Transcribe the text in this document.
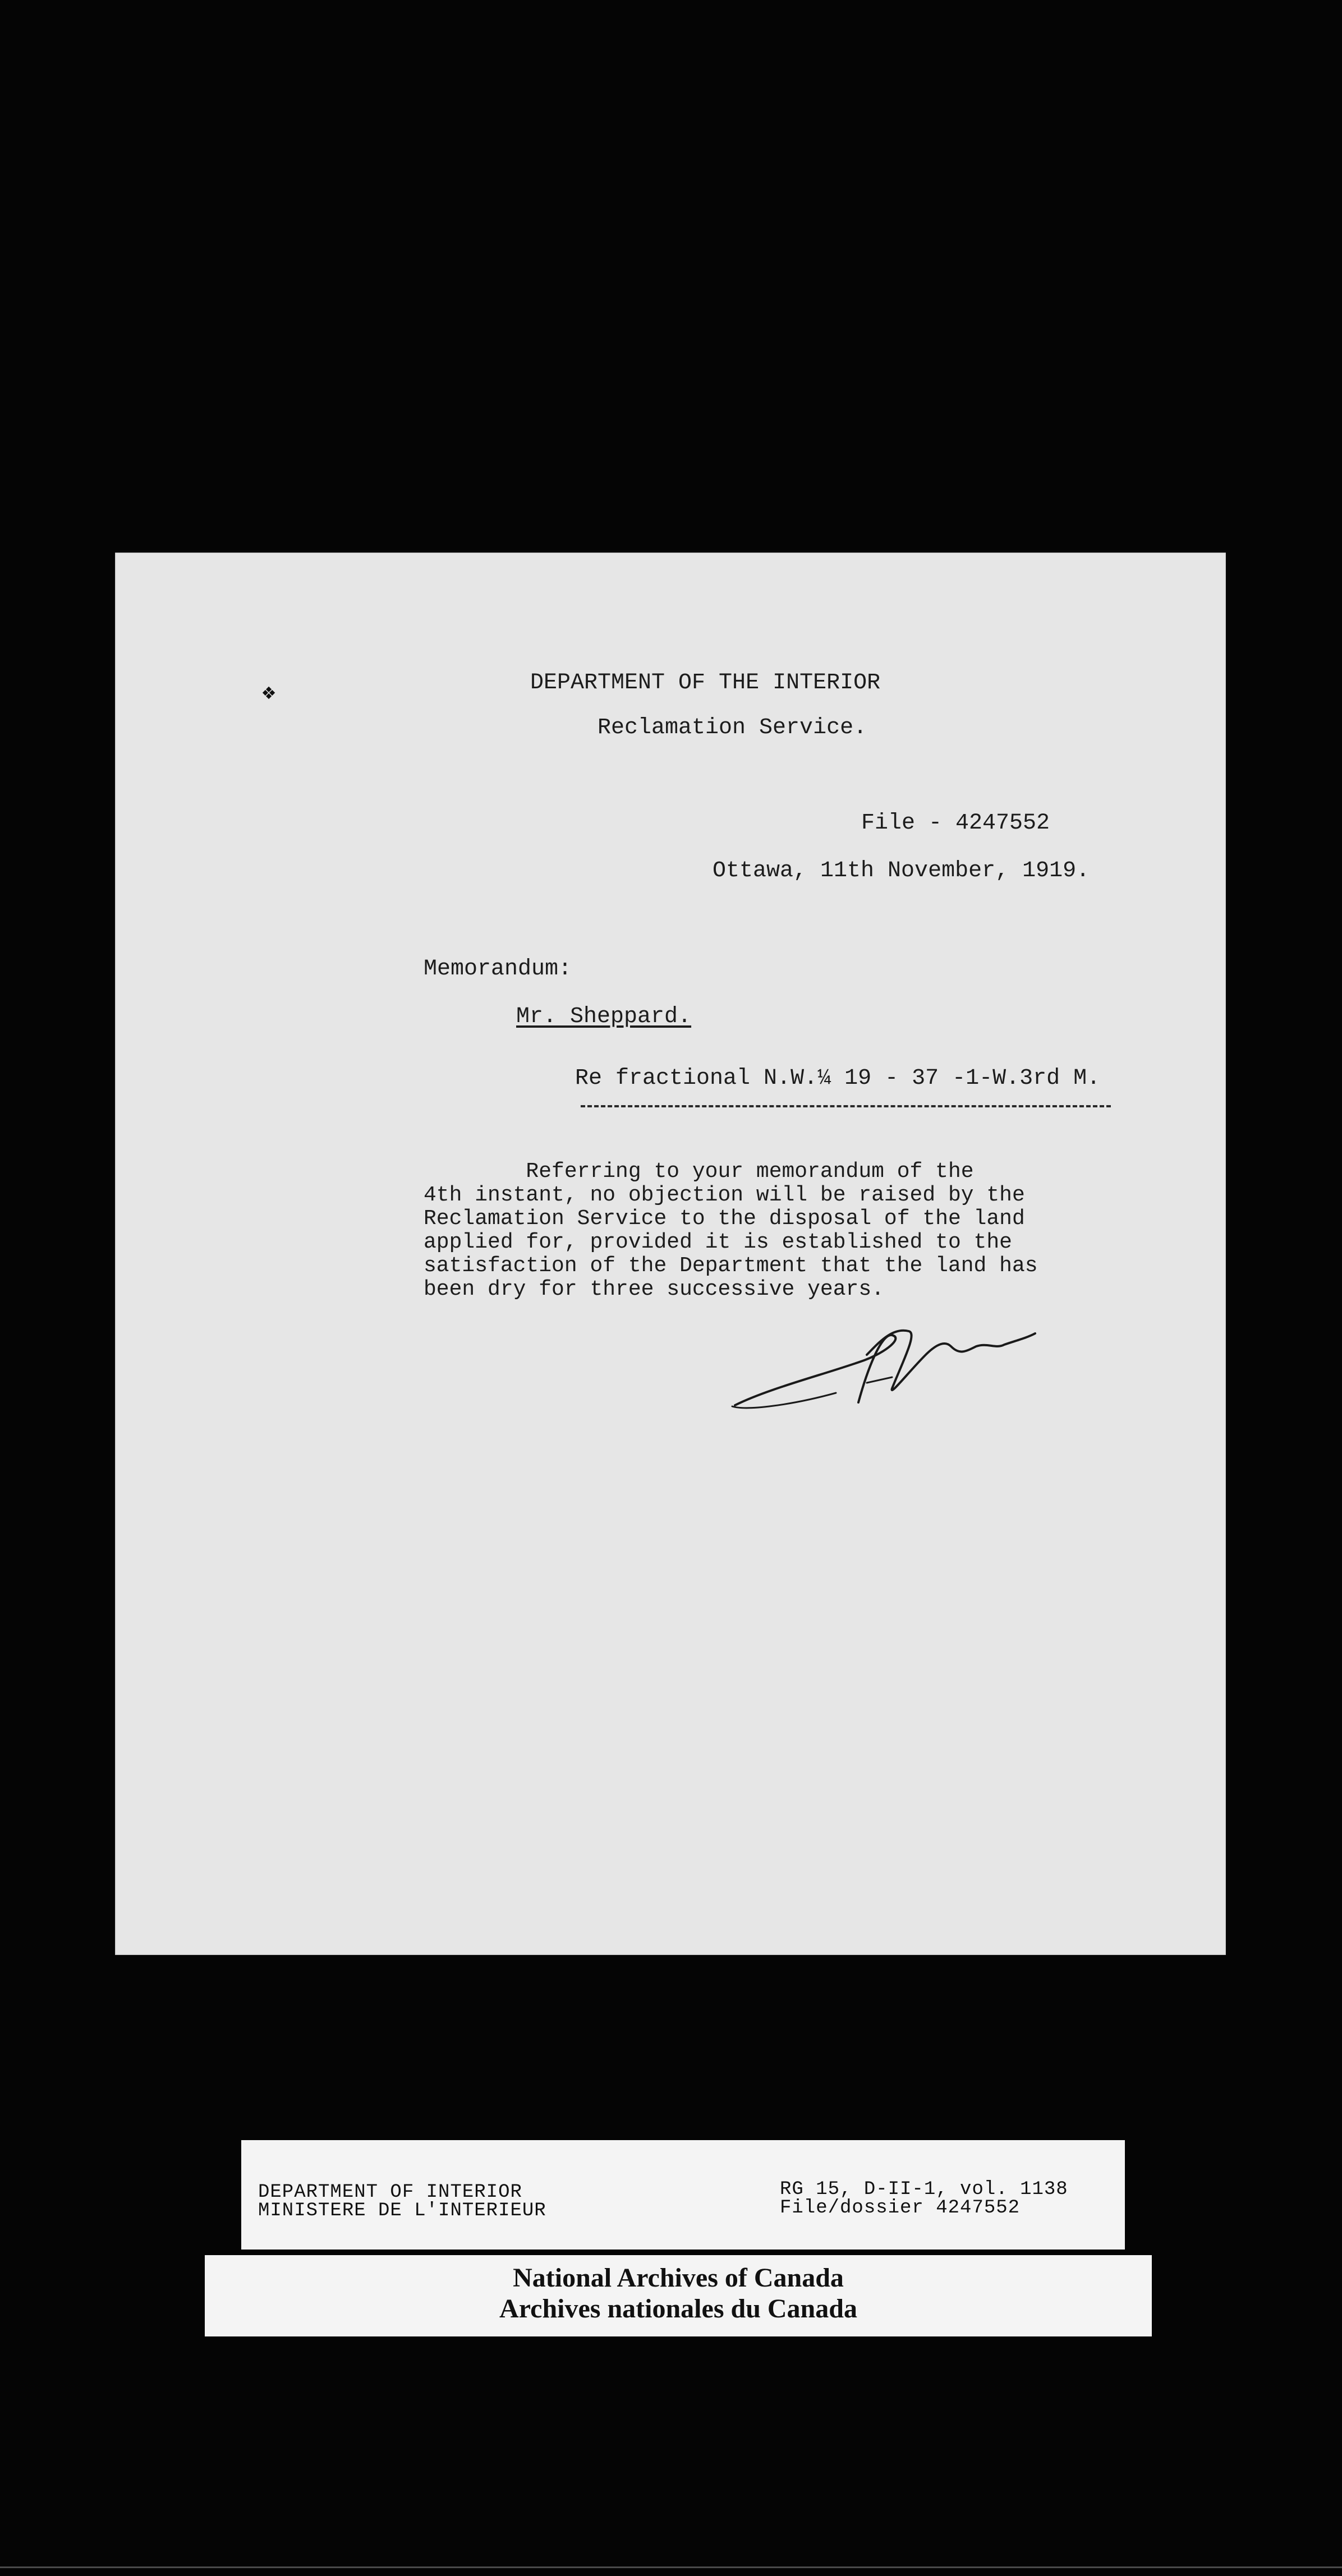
❖	DEPARTMENT OF THE INTERIOR
Reclamation Service.
File - 4247552
Ottawa, 11th November, 1919.
Memorandum:
Mr. Sheppard.
Re fractional N.W.¼ 19 - 37 -1-W.3rd M.
Referring to your memorandum of the
4th instant, no objection will be raised by the
Reclamation Service to the disposal of the land
applied for, provided it is established to the
satisfaction of the Department that the land has
been dry for three successive years.
DEPARTMENT OF INTERIOR
MINISTERE DE L'INTERIEUR
RG 15, D-II-1, vol. 1138
File/dossier 4247552
National Archives of Canada
Archives nationales du Canada
